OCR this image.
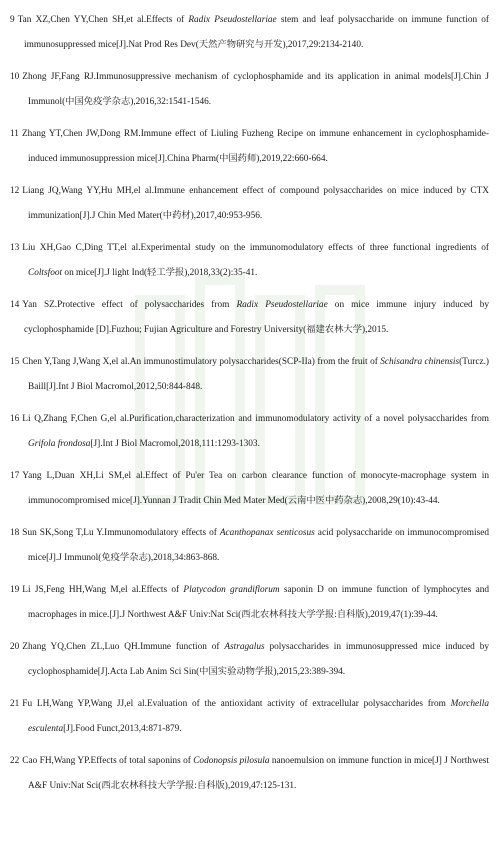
9 Tan XZ,Chen YY,Chen SH,et al.Effects of Radix Pseudostellariae stem and leaf polysaccharide on immune function of immunosuppressed mice[J].Nat Prod Res Dev(天然产物研究与开发),2017,29:2134-2140.
10 Zhong JF,Fang RJ.Immunosuppressive mechanism of cyclophosphamide and its application in animal models[J].Chin J Immunol(中国免疫学杂志),2016,32:1541-1546.
11 Zhang YT,Chen JW,Dong RM.Immune effect of Liuling Fuzheng Recipe on immune enhancement in cyclophosphamide-induced immunosuppression mice[J].China Pharm(中国药师),2019,22:660-664.
12 Liang JQ,Wang YY,Hu MH,el al.Immune enhancement effect of compound polysaccharides on mice induced by CTX immunization[J].J Chin Med Mater(中药材),2017,40:953-956.
13 Liu XH,Gao C,Ding TT,el al.Experimental study on the immunomodulatory effects of three functional ingredients of Coltsfoot on mice[J].J light Ind(轻工学报),2018,33(2):35-41.
14 Yan SZ.Protective effect of polysaccharides from Radix Pseudostellariae on mice immune injury induced by cyclophosphamide [D].Fuzhou; Fujian Agriculture and Forestry University(福建农林大学),2015.
15 Chen Y,Tang J,Wang X,el al.An immunostimulatory polysaccharides(SCP-IIa) from the fruit of Schisandra chinensis(Turcz.) Baill[J].Int J Biol Macromol,2012,50:844-848.
16 Li Q,Zhang F,Chen G,el al.Purification,characterization and immunomodulatory activity of a novel polysaccharides from Grifola frondosa[J].Int J Biol Macromol,2018,111:1293-1303.
17 Yang L,Duan XH,Li SM,el al.Effect of Pu'er Tea on carbon clearance function of monocyte-macrophage system in immunocompromised mice[J].Yunnan J Tradit Chin Med Mater Med(云南中医中药杂志),2008,29(10):43-44.
18 Sun SK,Song T,Lu Y.Immunomodulatory effects of Acanthopanax senticosus acid polysaccharide on immunocompromised mice[J].J Immunol(免疫学杂志),2018,34:863-868.
19 Li JS,Feng HH,Wang M,el al.Effects of Platycodon grandiflorum saponin D on immune function of lymphocytes and macrophages in mice.[J].J Northwest A&F Univ:Nat Sci(西北农林科技大学学报:自科版),2019,47(1):39-44.
20 Zhang YQ,Chen ZL,Luo QH.Immune function of Astragalus polysaccharides in immunosuppressed mice induced by cyclophosphamide[J].Acta Lab Anim Sci Sin(中国实验动物学报),2015,23:389-394.
21 Fu LH,Wang YP,Wang JJ,el al.Evaluation of the antioxidant activity of extracellular polysaccharides from Morchella esculenta[J].Food Funct,2013,4:871-879.
22 Cao FH,Wang YP.Effects of total saponins of Codonopsis pilosula nanoemulsion on immune function in mice[J] J Northwest A&F Univ:Nat Sci(西北农林科技大学学报:自科版),2019,47:125-131.
